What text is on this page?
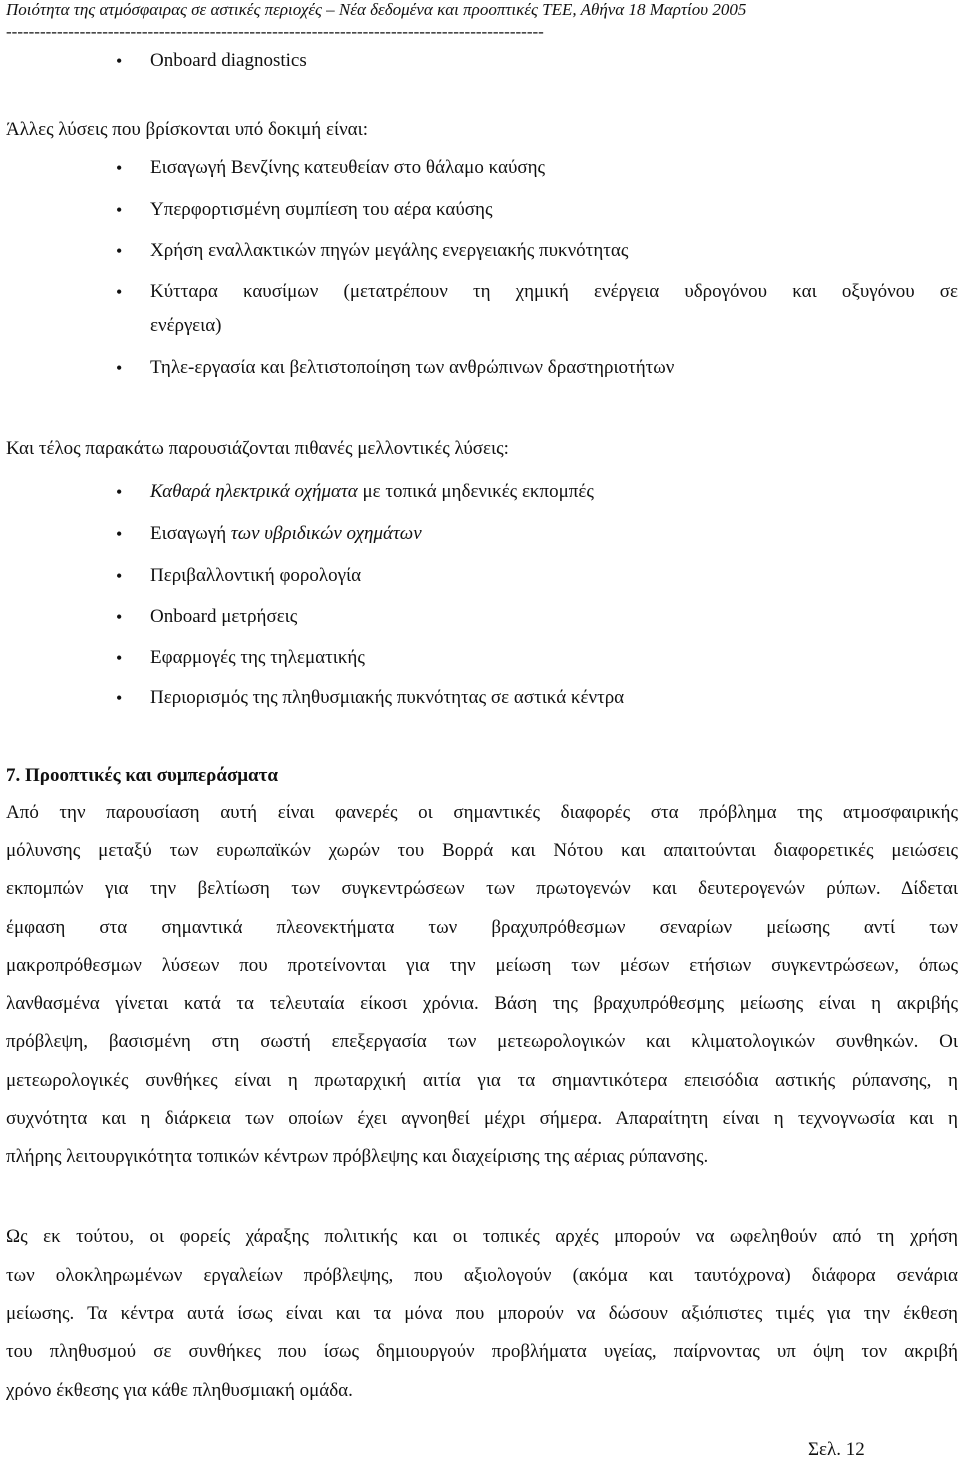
Ποιότητα της ατμόσφαιρας σε αστικές περιοχές – Νέα δεδομένα και προοπτικές ΤΕΕ, Αθήνα 18 Μαρτίου 2005
-----------------------------------------------------------------------------------------------
•	Onboard diagnostics
Άλλες λύσεις που βρίσκονται υπό δοκιμή είναι:
•	Εισαγωγή Βενζίνης κατευθείαν στο θάλαμο καύσης
•	Υπερφορτισμένη συμπίεση του αέρα καύσης
•	Χρήση εναλλακτικών πηγών μεγάλης ενεργειακής πυκνότητας
•	Κύτταρα καυσίμων (μετατρέπουν τη χημική ενέργεια υδρογόνου και οξυγόνου σε
ενέργεια)
•	Τηλε-εργασία και βελτιστοποίηση των ανθρώπινων δραστηριοτήτων
Και τέλος παρακάτω παρουσιάζονται πιθανές μελλοντικές λύσεις:
•	Καθαρά ηλεκτρικά οχήματα με τοπικά μηδενικές εκπομπές
•	Εισαγωγή των υβριδικών οχημάτων
•	Περιβαλλοντική φορολογία
•	Onboard μετρήσεις
•	Εφαρμογές της τηλεματικής
•	Περιορισμός της πληθυσμιακής πυκνότητας σε αστικά κέντρα
7. Προοπτικές και συμπεράσματα
Από την παρουσίαση αυτή είναι φανερές οι σημαντικές διαφορές στα πρόβλημα της ατμοσφαιρικής
μόλυνσης μεταξύ των ευρωπαϊκών χωρών του Βορρά και Νότου και απαιτούνται διαφορετικές μειώσεις
εκπομπών για την βελτίωση των συγκεντρώσεων των πρωτογενών και δευτερογενών ρύπων. Δίδεται
έμφαση στα σημαντικά πλεονεκτήματα των βραχυπρόθεσμων σεναρίων μείωσης αντί των
μακροπρόθεσμων λύσεων που προτείνονται για την μείωση των μέσων ετήσιων συγκεντρώσεων, όπως
λανθασμένα γίνεται κατά τα τελευταία είκοσι χρόνια. Βάση της βραχυπρόθεσμης μείωσης είναι η ακριβής
πρόβλεψη, βασισμένη στη σωστή επεξεργασία των μετεωρολογικών και κλιματολογικών συνθηκών. Οι
μετεωρολογικές συνθήκες είναι η πρωταρχική αιτία για τα σημαντικότερα επεισόδια αστικής ρύπανσης, η
συχνότητα και η διάρκεια των οποίων έχει αγνοηθεί μέχρι σήμερα. Απαραίτητη είναι η τεχνογνωσία και η
πλήρης λειτουργικότητα τοπικών κέντρων πρόβλεψης και διαχείρισης της αέριας ρύπανσης.
Ως εκ τούτου, οι φορείς χάραξης πολιτικής και οι τοπικές αρχές μπορούν να ωφεληθούν από τη χρήση
των ολοκληρωμένων εργαλείων πρόβλεψης, που αξιολογούν (ακόμα και ταυτόχρονα) διάφορα σενάρια
μείωσης. Τα κέντρα αυτά ίσως είναι και τα μόνα που μπορούν να δώσουν αξιόπιστες τιμές για την έκθεση
του πληθυσμού σε συνθήκες που ίσως δημιουργούν προβλήματα υγείας, παίρνοντας υπ όψη τον ακριβή
χρόνο έκθεσης για κάθε πληθυσμιακή ομάδα.
Σελ. 12
